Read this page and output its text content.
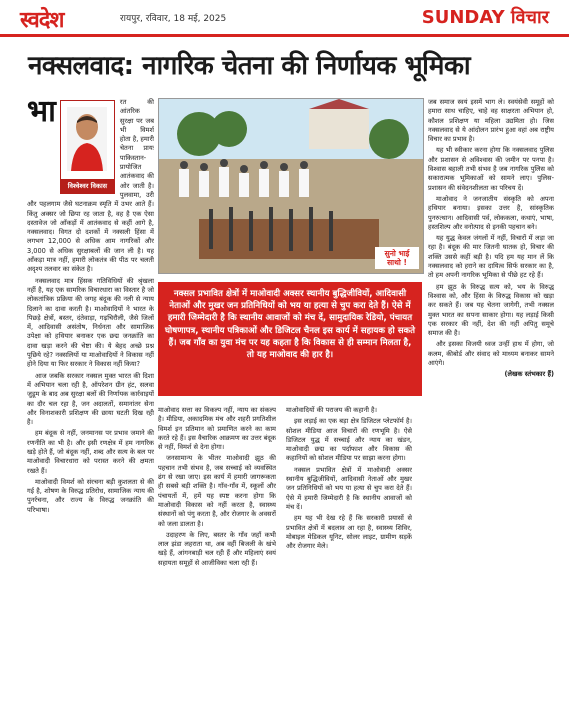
स्वदेश	रायपुर, रविवार, 18 मई, 2025	SUNDAY विचार
नक्सलवाद: नागरिक चेतना की निर्णायक भूमिका
भा
विश्वेश्वर विकास

रत की आंतरिक सुरक्षा पर जब भी विमर्श होता है, हमारी चेतना प्रायः पाकिस्तान-प्रायोजित आतंकवाद की ओर जाती है। पुलवामा, उरी और पहलगाम जैसे घटनाक्रम स्मृति में उभर आते हैं। किंतु अक्सर जो छिपा रह जाता है, वह है एक ऐसा दस्तावेज जो आँकड़ों में आतंकवाद से कहीं आगे है, नक्सलवाद। विगत दो दशकों में नक्सली हिंसा में लगभग 12,000 से अधिक आम नागरिकों और 3,000 से अधिक सुरक्षाबलों की जान ली है। यह आँकड़ा मात्र नहीं, हमारी लोकतंत्र की पीठ पर चलती अदृश्य तलवार का संकेत है।

नक्सलवाद मात्र हिंसक गतिविधियों की श्रृंखला नहीं है, यह एक सामरिक विचारधारा का विस्तार है जो लोकतांत्रिक प्रक्रिया की जगह बंदूक की नली से न्याय दिलाने का दावा करती है। माओवादियों ने भारत के पिछड़े क्षेत्रों, बस्तर, दंतेवाड़ा, गढ़चिरौली, जैसे जिलों में, आदिवासी असंतोष, निर्धनता और सामाजिक उपेक्षा को हथियार बनाकर एक छद्म जनक्रांति का दावा खड़ा करने की चेष्टा की। ये बेहद अच्छे प्रश्न पूछिये रहे? नक्सलियों या माओवादियों ने विकास नहीं होने दिया या फिर सरकार ने विकास नहीं किया?

आज जबकि सरकार नक्सल मुक्त भारत की दिशा में अभियान चला रही है, ऑपरेशन ग्रीन हंट, सलवा जुडूम के बाद अब सुरक्षा बलों की निर्णायक कार्रवाइयों का दौर चल रहा है, जन अदालतों, समानांतर सेना और विनाशकारी प्रशिक्षण की छाया घटती दिख रही है।

हम बंदूक से नहीं, जनमानस पर प्रभाव जमाने की रणनीति का भी है। और इसी रणक्षेत्र में हम नागरिक खड़े होते हैं, जो बंदूक नहीं, शब्द और सत्य के बल पर माओवादी विचारधारा को परास्त करने की क्षमता रखते हैं।

माओवादी विमर्श को संरचना बड़ी कुशलता से की गई है, शोषण के विरुद्ध प्रतिरोध, सामाजिक न्याय की पुनर्रचना, और राज्य के विरुद्ध जनक्रांति की परिभाषा।

सुनो भाई साथो !
नक्सल प्रभावित क्षेत्रों में माओवादी अक्सर स्थानीय बुद्धिजीवियों, आदिवासी नेताओं और मुखर जन प्रतिनिधियों को भय या हत्या से चुप करा देते हैं। ऐसे में हमारी जिम्मेदारी है कि स्थानीय आवाजों को मंच दें, सामुदायिक रेडियो, पंचायत घोषणापत्र, स्थानीय पत्रिकाओं और डिजिटल चैनल इस कार्य में सहायक हो सकते हैं। जब गाँव का युवा मंच पर यह कहता है कि विकास से ही सम्मान मिलता है, तो यह माओवाद की हार है।

माओवाद सत्ता का विकल्प नहीं, न्याय का संकल्प है। मीडिया, अकादमिक मंच और शहरी प्रगतिशील विमर्श इन प्रतिमान को प्रमाणित करने का काम करते रहे हैं। इस वैचारिक आक्रमण का उत्तर बंदूक से नहीं, विमर्श से देना होगा।

जनसामान्य के भीतर माओवादी झूठ की पहचान तभी संभव है, जब सच्चाई को व्यवस्थित ढंग से रखा जाए। इस कार्य में हमारी जागरूकता ही सबसे बड़ी शक्ति है। गाँव-गाँव में, स्कूलों और पंचायतों में, हमें यह स्पष्ट करना होगा कि माओवादी विकास को नहीं करता है, स्वास्थ्य संस्थानों को पंगु करता है, और रोजगार के अवसरों को जला डालता है।

उदाहरण के लिए, बस्तर के गाँव जहाँ कभी लाल झंडा लहराता था, अब वहीं बिजली के खंभे खड़े हैं, आंगनबाड़ी चल रही हैं और महिलाएं स्वयं सहायता समूहों से आजीविका चला रही हैं।

माओवादियों की पराजय की कहानी है।

इस लड़ाई का एक बड़ा क्षेत्र डिजिटल प्लेटफॉर्म है। सोशल मीडिया आज विचारों की रणभूमि है। ऐसे डिजिटल युद्ध में सच्चाई और न्याय का खंडन, माओवादी छद्म का पर्दाफाश और विकास की कहानियों को सोशल मीडिया पर साझा करना होगा।

नक्सल प्रभावित क्षेत्रों में माओवादी अक्सर स्थानीय बुद्धिजीवियों, आदिवासी नेताओं और मुखर जन प्रतिनिधियों को भय या हत्या से चुप करा देते हैं। ऐसे में हमारी जिम्मेदारी है कि स्थानीय आवाजों को मंच दें।

हम यह भी देख रहे हैं कि सरकारी प्रयासों से प्रभावित क्षेत्रों में बदलाव आ रहा है, स्वास्थ्य शिविर, मोबाइल मेडिकल यूनिट, सोलर लाइट, ग्रामीण सड़कें और रोजगार मेले।

जब समाज स्वयं इसमें भाग ले। स्वयंसेवी समूहों को हमारा साथ चाहिए, चाहे वह साक्षरता अभियान हो, कौशल प्रशिक्षण या महिला उद्यमिता हो। जिस नक्सलवाद से ये आंदोलन प्रारंभ हुआ वहां अब राष्ट्रीय विचार का प्रभाव है।

यह भी स्वीकार करना होगा कि नक्सलवाद पुलिस और प्रशासन से अविश्वास की जमीन पर पनपा है। विश्वास बहाली तभी संभव है जब नागरिक पुलिस को सकारात्मक भूमिकाओं को सामने लाए। पुलिस-प्रशासन की संवेदनशीलता का परिचय दें।

माओवाद ने जनजातीय संस्कृति को अपना हथियार बनाया। इसका उत्तर है, सांस्कृतिक पुनरुत्थान। आदिवासी पर्व, लोककला, कथाएं, भाषा, हस्तशिल्प और वनोत्पाद से इनकी पहचान बने।

यह युद्ध केवल जंगलों में नहीं, विचारों में लड़ा जा रहा है। बंदूक की मार जितनी घातक हो, विचार की शक्ति उससे कहीं बड़ी है। यदि हम यह मान लें कि नक्सलवाद को हराने का दायित्व सिर्फ सरकार का है, तो हम अपनी नागरिक भूमिका से पीछे हट रहे हैं।

हम झूठ के विरुद्ध सत्य को, भय के विरुद्ध विश्वास को, और हिंसा के विरुद्ध विकास को खड़ा कर सकते हैं। जब यह चेतना जागेगी, तभी नक्सल मुक्त भारत का सपना साकार होगा। यह लड़ाई किसी एक सरकार की नहीं, देश की नहीं अपितु समूचे समाज की है।

और इसका विजयी ध्वज उन्हीं हाथ में होगा, जो कलम, कीबोर्ड और संवाद को माध्यम बनाकर सामने आएंगे।

(लेखक स्तंभकार हैं)
